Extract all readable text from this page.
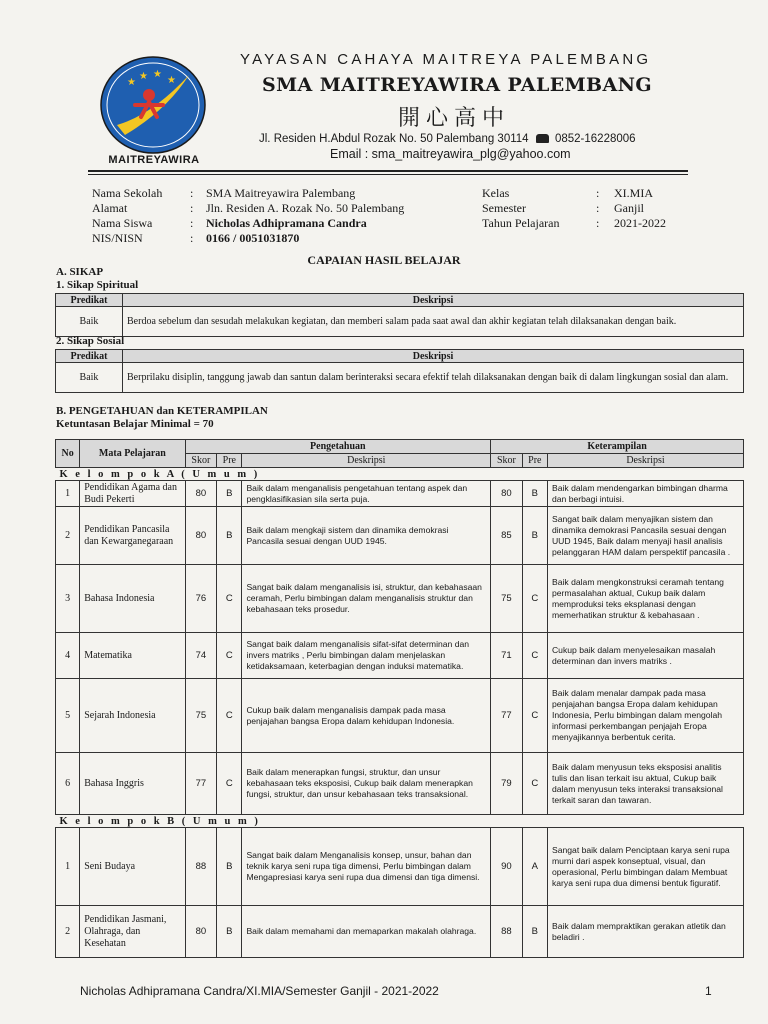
★
★ ★
★
MAITREYAWIRA
YAYASAN CAHAYA MAITREYA PALEMBANG
SMA MAITREYAWIRA PALEMBANG
開心高中
Jl. Residen H.Abdul Rozak No. 50 Palembang 30114 0852-16228006
Email : sma_maitreyawira_plg@yahoo.com
Nama Sekolah	:	SMA Maitreyawira Palembang
Alamat	:	Jln. Residen A. Rozak No. 50 Palembang
Nama Siswa	:	Nicholas Adhipramana Candra
NIS/NISN	:	0166 / 0051031870
Kelas	:	XI.MIA
Semester	:	Ganjil
Tahun Pelajaran	:	2021-2022
CAPAIAN HASIL BELAJAR
A. SIKAP
1. Sikap Spiritual
Predikat	Deskripsi
Baik	Berdoa sebelum dan sesudah melakukan kegiatan, dan memberi salam pada saat awal dan akhir kegiatan telah dilaksanakan dengan baik.
2. Sikap Sosial
Predikat	Deskripsi
Baik	Berprilaku disiplin, tanggung jawab dan santun dalam berinteraksi secara efektif telah dilaksanakan dengan baik di dalam lingkungan sosial dan alam.
B. PENGETAHUAN dan KETERAMPILAN
Ketuntasan Belajar Minimal = 70
No	Mata Pelajaran	Pengetahuan			Keterampilan		
		Skor	Pre	Deskripsi	Skor	Pre	Deskripsi
K e l o m p o k A ( U m u m )							
1	Pendidikan Agama dan Budi Pekerti	80	B	Baik dalam menganalisis pengetahuan tentang aspek dan pengklasifikasian sila serta puja.	80	B	Baik dalam mendengarkan bimbingan dharma dan berbagi intuisi.
2	Pendidikan Pancasila dan Kewarganegaraan	80	B	Baik dalam mengkaji sistem dan dinamika demokrasi Pancasila sesuai dengan UUD 1945.	85	B	Sangat baik dalam menyajikan sistem dan dinamika demokrasi Pancasila sesuai dengan UUD 1945, Baik dalam menyaji hasil analisis pelanggaran HAM dalam perspektif pancasila .
3	Bahasa Indonesia	76	C	Sangat baik dalam menganalisis isi, struktur, dan kebahasaan ceramah, Perlu bimbingan dalam menganalisis struktur dan kebahasaan teks prosedur.	75	C	Baik dalam mengkonstruksi ceramah tentang permasalahan aktual, Cukup baik dalam memproduksi teks eksplanasi dengan memerhatikan struktur & kebahasaan .
4	Matematika	74	C	Sangat baik dalam menganalisis sifat-sifat determinan dan invers matriks , Perlu bimbingan dalam menjelaskan ketidaksamaan, keterbagian dengan induksi matematika.	71	C	Cukup baik dalam menyelesaikan masalah determinan dan invers matriks .
5	Sejarah Indonesia	75	C	Cukup baik dalam menganalisis dampak pada masa penjajahan bangsa Eropa dalam kehidupan Indonesia.	77	C	Baik dalam menalar dampak pada masa penjajahan bangsa Eropa dalam kehidupan Indonesia, Perlu bimbingan dalam mengolah informasi perkembangan penjajah Eropa menyajikannya berbentuk cerita.
6	Bahasa Inggris	77	C	Baik dalam menerapkan fungsi, struktur, dan unsur kebahasaan teks eksposisi, Cukup baik dalam menerapkan fungsi, struktur, dan unsur kebahasaan teks transaksional.	79	C	Baik dalam menyusun teks eksposisi analitis tulis dan lisan terkait isu aktual, Cukup baik dalam menyusun teks interaksi transaksional terkait saran dan tawaran.
K e l o m p o k B ( U m u m )							
1	Seni Budaya	88	B	Sangat baik dalam Menganalisis konsep, unsur, bahan dan teknik karya seni rupa tiga dimensi, Perlu bimbingan dalam Mengapresiasi karya seni rupa dua dimensi dan tiga dimensi.	90	A	Sangat baik dalam Penciptaan karya seni rupa murni dari aspek konseptual, visual, dan operasional, Perlu bimbingan dalam Membuat karya seni rupa dua dimensi bentuk figuratif.
2	Pendidikan Jasmani, Olahraga, dan Kesehatan	80	B	Baik dalam memahami dan memaparkan makalah olahraga.	88	B	Baik dalam mempraktikan gerakan atletik dan beladiri .
Nicholas Adhipramana Candra/XI.MIA/Semester Ganjil - 2021-2022	1
